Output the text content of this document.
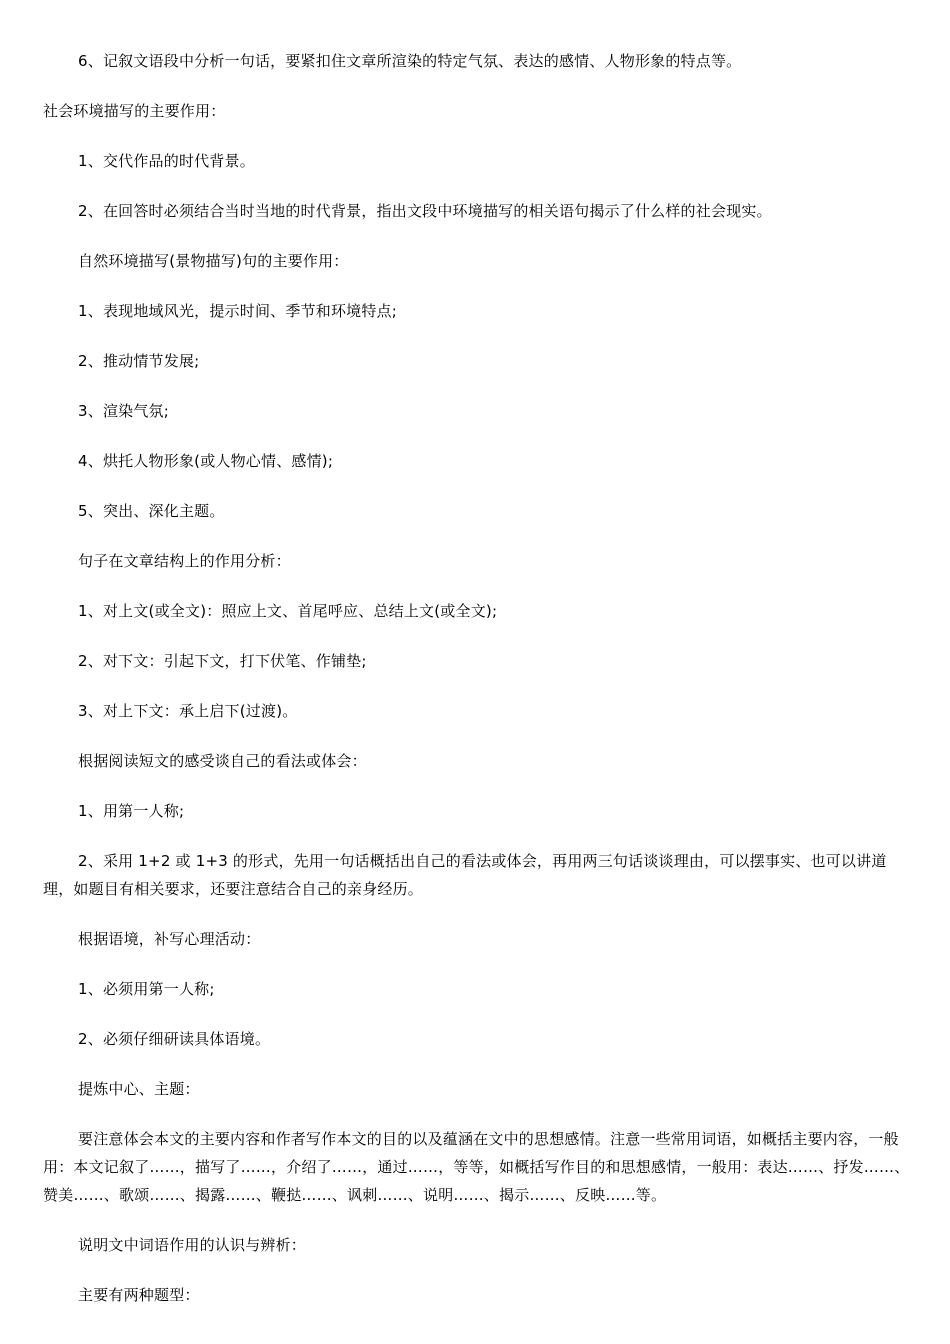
6、记叙文语段中分析一句话，要紧扣住文章所渲染的特定气氛、表达的感情、人物形象的特点等。

社会环境描写的主要作用：

1、交代作品的时代背景。

2、在回答时必须结合当时当地的时代背景，指出文段中环境描写的相关语句揭示了什么样的社会现实。

自然环境描写(景物描写)句的主要作用：

1、表现地域风光，提示时间、季节和环境特点;

2、推动情节发展;

3、渲染气氛;

4、烘托人物形象(或人物心情、感情);

5、突出、深化主题。

句子在文章结构上的作用分析：

1、对上文(或全文)：照应上文、首尾呼应、总结上文(或全文);

2、对下文：引起下文，打下伏笔、作铺垫;

3、对上下文：承上启下(过渡)。

根据阅读短文的感受谈自己的看法或体会：

1、用第一人称;

2、采用 1+2 或 1+3 的形式，先用一句话概括出自己的看法或体会，再用两三句话谈谈理由，可以摆事实、也可以讲道理，如题目有相关要求，还要注意结合自己的亲身经历。

根据语境，补写心理活动：

1、必须用第一人称;

2、必须仔细研读具体语境。

提炼中心、主题：

要注意体会本文的主要内容和作者写作本文的目的以及蕴涵在文中的思想感情。注意一些常用词语，如概括主要内容，一般用：本文记叙了……，描写了……，介绍了……，通过……，等等，如概括写作目的和思想感情，一般用：表达……、抒发……、赞美……、歌颂……、揭露……、鞭挞……、讽刺……、说明……、揭示……、反映……等。

说明文中词语作用的认识与辨析：

主要有两种题型：
